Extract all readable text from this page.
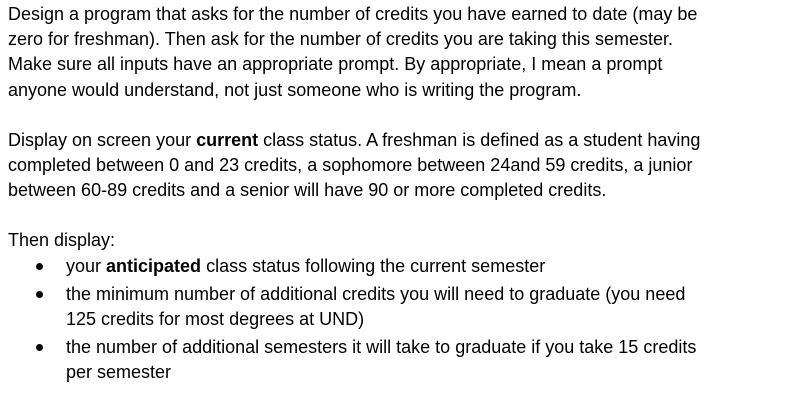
Design a program that asks for the number of credits you have earned to date (may be
zero for freshman). Then ask for the number of credits you are taking this semester.
Make sure all inputs have an appropriate prompt. By appropriate, I mean a prompt
anyone would understand, not just someone who is writing the program.

Display on screen your current class status. A freshman is defined as a student having
completed between 0 and 23 credits, a sophomore between 24and 59 credits, a junior
between 60-89 credits and a senior will have 90 or more completed credits.

Then display:
your anticipated class status following the current semester
the minimum number of additional credits you will need to graduate (you need
125 credits for most degrees at UND)
the number of additional semesters it will take to graduate if you take 15 credits
per semester
